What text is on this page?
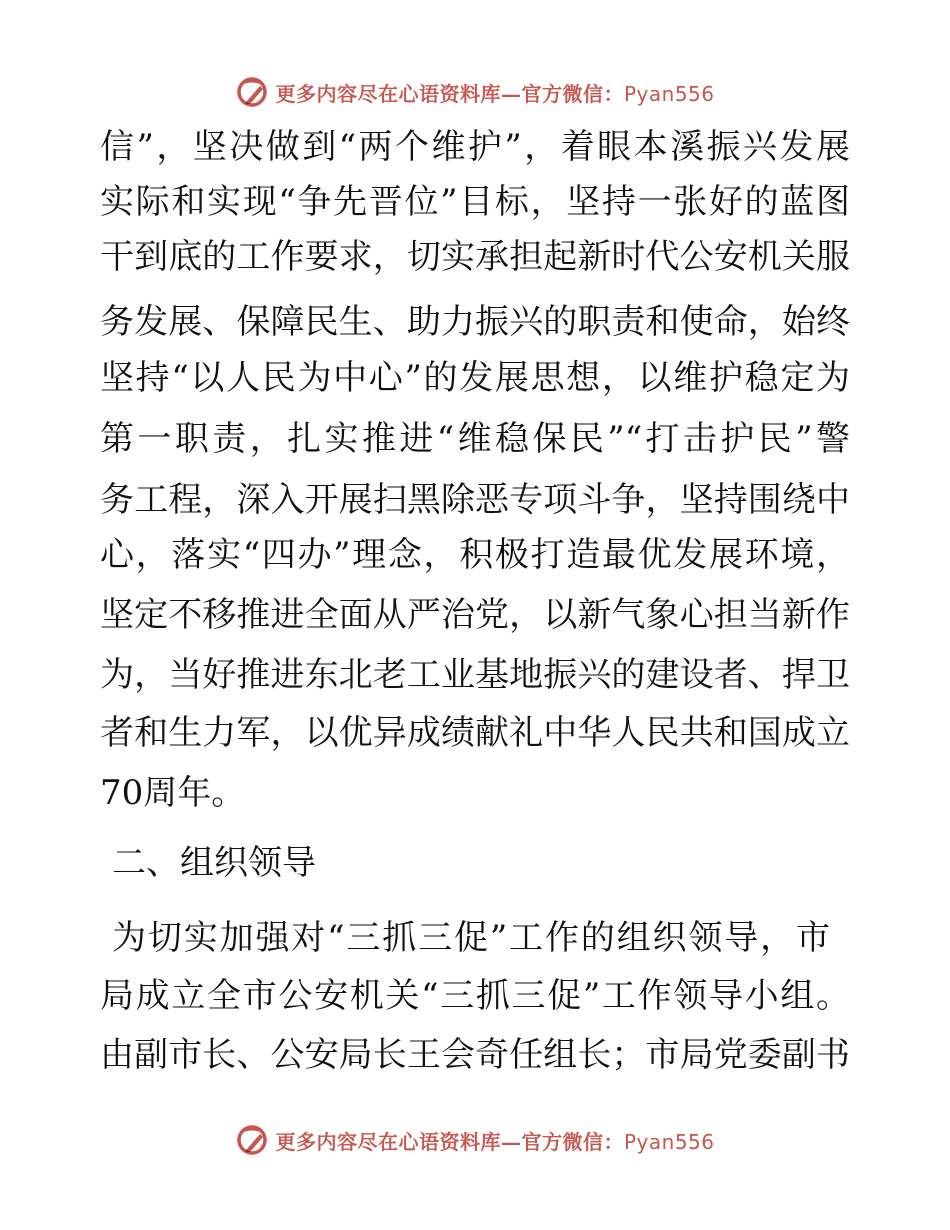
更多内容尽在心语资料库—官方微信：Pyan556
信”，坚决做到“两个维护”，着眼本溪振兴发展
实际和实现“争先晋位”目标，坚持一张好的蓝图
干到底的工作要求，切实承担起新时代公安机关服
务发展、保障民生、助力振兴的职责和使命，始终
坚持“以人民为中心”的发展思想，以维护稳定为
第一职责，扎实推进“维稳保民”“打击护民”警
务工程，深入开展扫黑除恶专项斗争，坚持围绕中
心，落实“四办”理念，积极打造最优发展环境，
坚定不移推进全面从严治党，以新气象心担当新作
为，当好推进东北老工业基地振兴的建设者、捍卫
者和生力军，以优异成绩献礼中华人民共和国成立
70周年。
二、组织领导
为切实加强对“三抓三促”工作的组织领导，市
局成立全市公安机关“三抓三促”工作领导小组。
由副市长、公安局长王会奇任组长；市局党委副书
更多内容尽在心语资料库—官方微信：Pyan556
